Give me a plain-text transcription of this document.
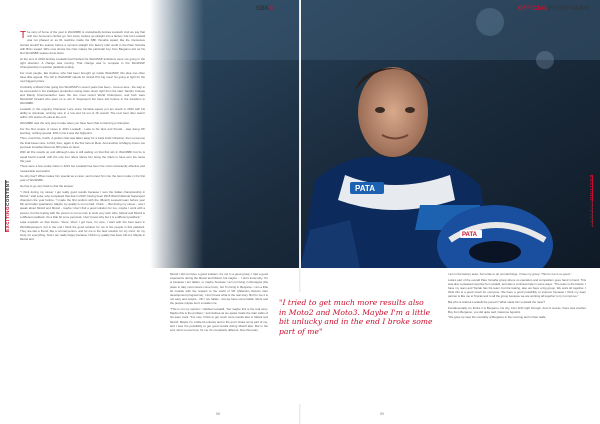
SBK®	OFFICIALPROGRAMME
EXCITINGCONTENT	EXCITINGCONTENT
T he story of home of the year in WorldSBK is undoubtedly Andrea Locatelli. And we say that with two homeruns clichés go. Not many rookies go straight into a factory ride but Locatelli was not phased on as #1 machine inside the SBK Yamaha squad, like the impressive Garrett Gerloff the season before a moment straight into factory rider world in the Pata Yamaha with Brixx squad. Who now shows the rider makes the particular boy from Bergamo tick as his first WorldSBK season drew down.

At the end of 2019 Andrea Locatelli had finished his WorldSSP ambitions were not going in the right direction. A change was coming. That change was to compete in the WorldSSP Championship in another paddock entirely.

For most people, like Andrea, who had been brought up inside WorldSSP, this idea can often have little appeal. The GP in WorldSSP stands for Grand Prix big ones! So going to fight for the next biggest prizes.

Contrarily a Moto2 rider going into WorldSSP in recent years has been - more-or-less - the way to be successful in the intelligent production racing class. Even right from the start, Sandro Cortese and Randy Krummenacher were the two most recent World Champions, and both were Moto2/GP forward who went on to win in Supersport but have lost fortune in the transition to WorldSBK.

Locatelli, in the ongoing Champion Loce since Yamaha squad, put ten wreck in 2020 with his ability to dominate, winning nine in a row and 12 out of 15 overall. The next best rider wasn't within 170 points of Loka at the end.

WorldSBK was the only step to take when you have been that convincing a champion.

For the first couple of races in 2021 Locatelli - Loka to his fans and friends - was doing OK learning, nothing special. Fifth in his it was the highpoint.

Then, round five, fourth. A podium that was taken away for a track limits infraction, then a real one the final Assen race. A third, then, again in the first race at Most. And another at Magny-Cours. He just beat Jonathan Rea into fifth place at Jerez.

With all this results up and although Loka is still waiting on that first win in WorldSBK but he is equal fourth overall, with the only four riders above him being the riders to have won the races this year.

There were a few rookie riders in 2021 but Locatelli has been the most consistently effective and measurable successful.

So why has? What makes him special as a racer, and turned him into the best rookie in his first year of WorldSBK.

He has to go very back to find the answer.

"I think during my career I got really good results because I won the Italian championship in Moto3," said Loka, who completed that feat in 2015, having been 2015 World National Supersport champion the year before. "I made the first podium with the (Moto3) Leopard team before year Mir and Fabio Quartararo. Maybe my quality is not so bad, I think. ... But during my career - now I speak about Moto3 and Moto2 - maybe I don't find a good solution for me, maybe I work with a person, but the feeling with the person is not so nice to work very well. Also, Moto2 and Moto3 is a different paddock. It's a little bit more personal, I don't know why but it is a different paddock."

Loka expands on that theme. "Here, when I got here, for sure, I start with the best team in WorldSupersport, but in the end I think the good solution for me is the people in this paddock. They are like a friend, like a normal person, and for me is the best solution for my mind, for my body, for everything. Now I am really happy because I think my quality has been full out. Maybe in Moto2 and

Moto3 I did not have a good solution. It's not in a good group. I had a good experience during the Moto2 and Moto3, but maybe ... I don't know why. If it is because I am Italian, or maybe because I am not living in Romagna (the place in Italy most racers come from), but I'm living in Bergamo. I am a little bit outside with the respect to the world of VR (Valentino Rossi's rider development programme). I don't know what is the real story. But for me it is not easy and maybe - OK I am Italian - but we have some Italian riders and the people maybe don't consider me.

"This is not my opinion," clarified Locatelli, "but maybe this is the real story. Maybe this is the problem," and Andrea as we spoke inside the rider cabin of his team truck. "For sure I think to get much more results also in Moto2 and Moto3. Maybe I'm a little bit unlucky and in the end I broke some part of me, and I lose the possibility to get good results during Moto3 also. But in the end, when a new here, for me it's completely different. Also this team,

"I tried to get much more results also in Moto2 and Moto3. Maybe I'm a little bit unlucky and in the end I broke some part of me"

I am in the factory team, but is like to do normal things, I have my group. This for me is so good."

Loka's part of the overall Pata Yamaha group where co-operation and competition goes hand in hand. This was also a pleasant surprise for Locatelli, and also a continual help in some ways. "The team is the basics. I have my team and Toprak has his team, but the feeling, also we have a big group. We work all together. I think this is a good result for everyone. We have a good possibility to improve because I think my team partner is like me to Toprak and to all the group because we are working all together to try to improve."

But who is Andrea Locatelli the person? What made him Locatelli the racer?

Fundamentally, he thinks it is Bergamo, his city, from birth right through. And of course, there was another Boy from Bergamo, you did quite well, Giacomo Agostini.

"We grew up near the mentality of Bergamo in the morning and in their walls,

58	59
